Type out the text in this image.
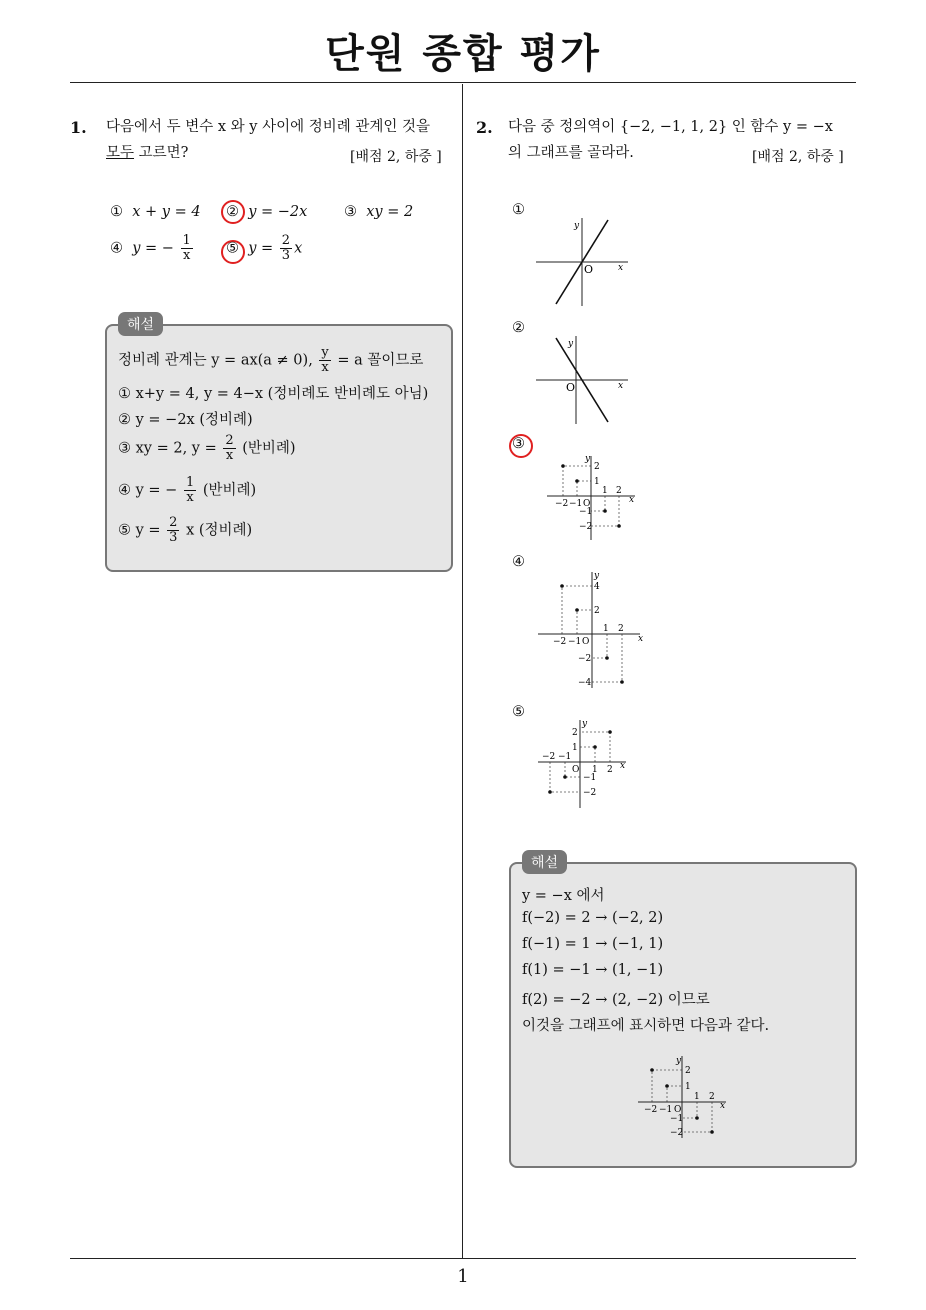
단원 종합 평가
1
1. 다음에서 두 변수 x 와 y 사이에 정비례 관계인 것을
모두 고르면?	[배점 2, 하중 ]
① x + y = 4 ② y = −2x	③ xy = 2
④ y = − $\frac{1}{x}$ ⑤ $y = \frac{2}{3}$ x
해설
정비례 관계는 y = ax(a ≠ 0), $\frac{y}{x} = a$ 꼴이므로
① x+y = 4, y = 4−x (정비례도 반비례도 아님)
② y = −2x (정비례)
③ xy = 2, $y = \frac{2}{x}$ (반비례)
④ y = − $\frac{1}{x}$ (반비례)
⑤ $y = \frac{2}{3}$ x (정비례)
2. 다음 중 정의역이 {−2, −1, 1, 2} 인 함수 y = −x
의 그래프를 골라라.	[배점 2, 하중 ]
①
②
③
④
⑤
y
x
O
y
x
O
y
x
O
2
1
1 2
−2 −1
−1
−2
y
x
O
4
2
1 2
−2 −1
−2
−4
y
x
O
2
1
−2 −1
1 2
−1
−2
해설
y = −x 에서
f(−2) = 2 → (−2, 2)
f(−1) = 1 → (−1, 1)
f(1) = −1 → (1, −1)
f(2) = −2 → (2, −2) 이므로
이것을 그래프에 표시하면 다음과 같다.
y
x
O
2
1
1 2
−2 −1
−1
−2
